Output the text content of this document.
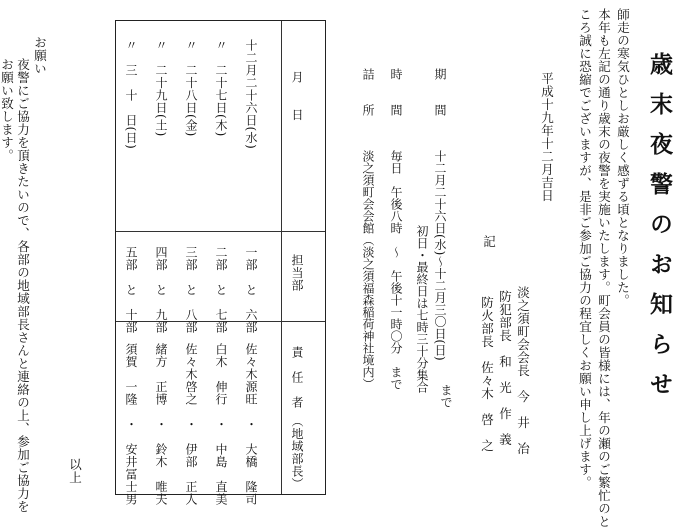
歳末夜警のお知らせ
師走の寒気ひとしお厳しく感ずる頃となりました。
本年も左記の通り歳末の夜警を実施いたします。町会員の皆様には、年の瀬のご繁忙のと
ころ誠に恐縮でございますが、是非ご参加ご協力の程宜しくお願い申し上げます。
平成十九年十二月吉日
淡之須町会会長　今　井　冶
防犯部長　和　光　作　義
防火部長　佐々木　啓　之
記
期　　間
十二月二十六日(水)〜十二月三〇日(日)
まで
初日・最終日は七時三十分集合
時　　間
毎日　午後八時　〜　午後十一時〇分　まで
詰　　所
淡之須町会会館（淡之須福森稲荷神社境内）
月　　日
担当部
責　任　者　（地域部長）
十二月二十六日(水)
一部　と　六部
佐々木源旺　・　大橋　隆司
〃　二十七日(木)
二部　と　七部
白木　伸行　・　中島　直美
〃　二十八日(金)
三部　と　八部
佐々木啓之　・　伊部　正人
〃　二十九日(土)
四部　と　九部
緒方　正博　・　鈴木　唯夫
〃　三　十　日(日)
五部　と　十部
須賀　一隆　・　安井冨士男
お願い
夜警にご協力を頂きたいので、各部の地域部長さんと連絡の上、参加ご協力を
お願い致します。
以上
